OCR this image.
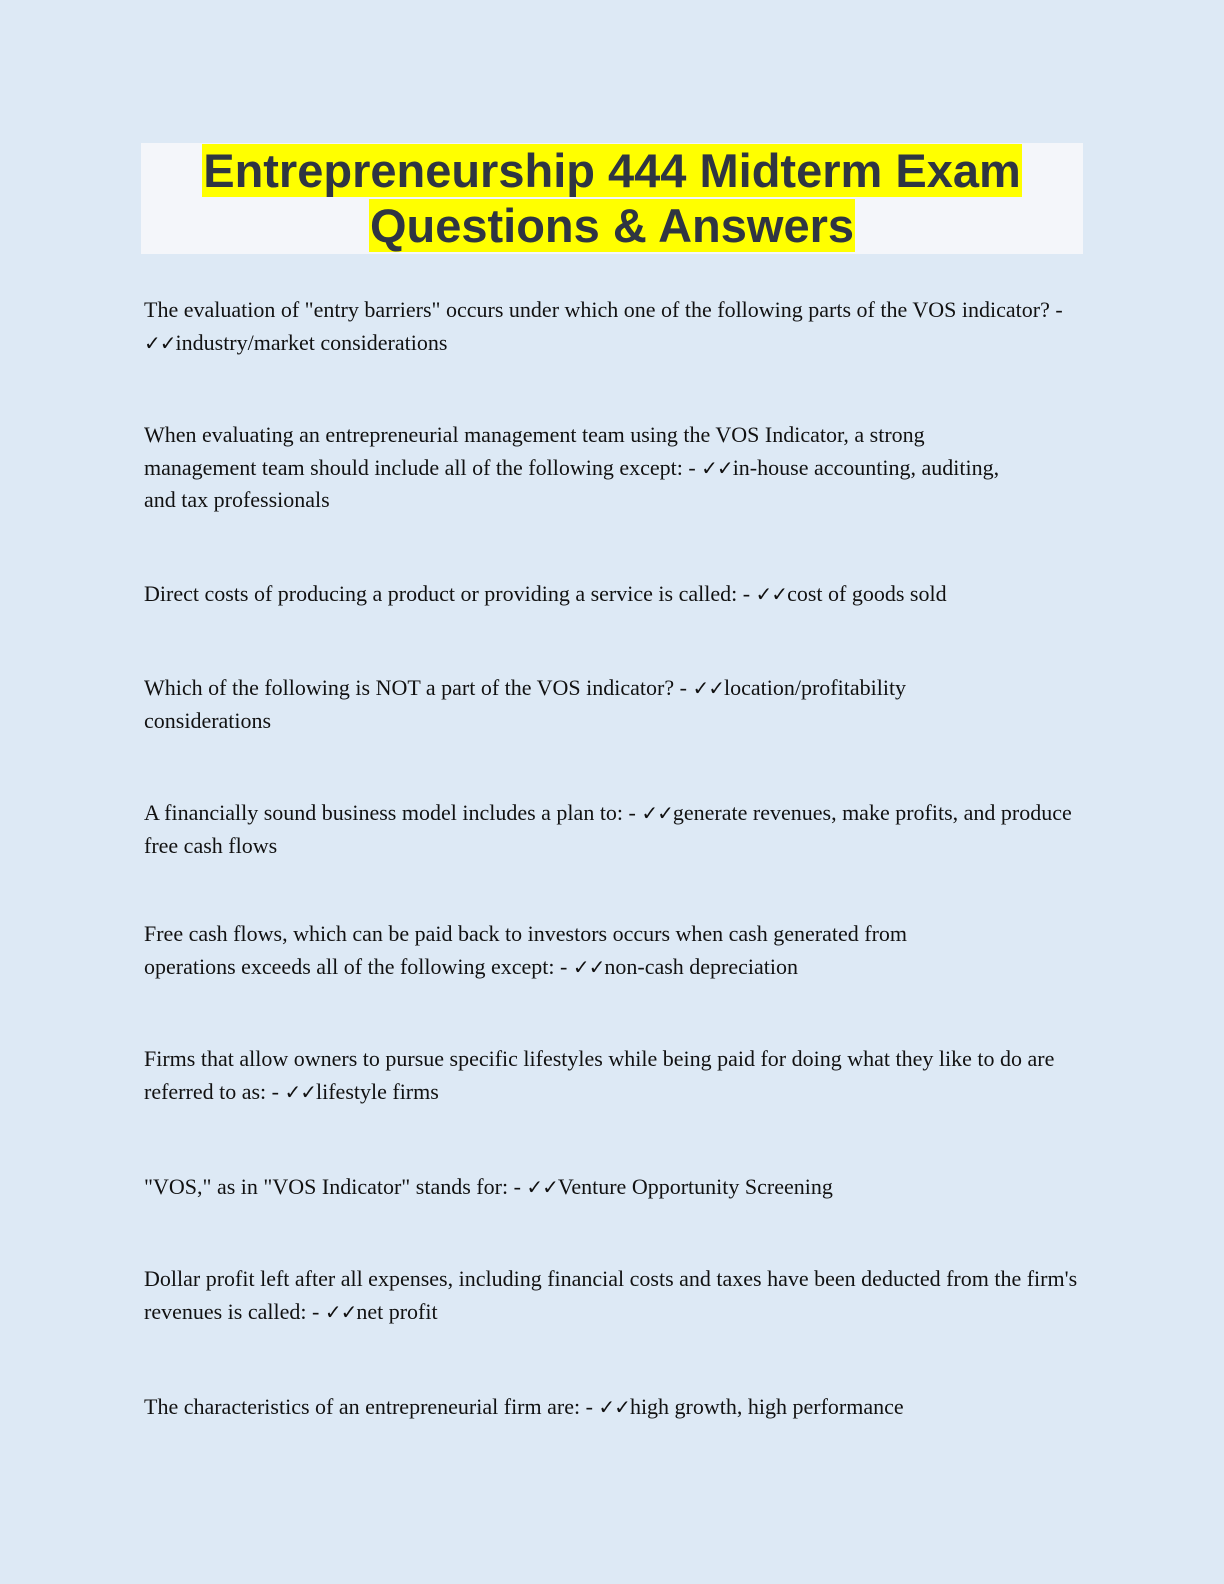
Entrepreneurship 444 Midterm Exam
Questions & Answers

The evaluation of "entry barriers" occurs under which one of the following parts of the VOS indicator? - ✓✓industry/market considerations

When evaluating an entrepreneurial management team using the VOS Indicator, a strong management team should include all of the following except: - ✓✓in-house accounting, auditing, and tax professionals

Direct costs of producing a product or providing a service is called: - ✓✓cost of goods sold

Which of the following is NOT a part of the VOS indicator? - ✓✓location/profitability considerations

A financially sound business model includes a plan to: - ✓✓generate revenues, make profits, and produce free cash flows

Free cash flows, which can be paid back to investors occurs when cash generated from operations exceeds all of the following except: - ✓✓non-cash depreciation

Firms that allow owners to pursue specific lifestyles while being paid for doing what they like to do are referred to as: - ✓✓lifestyle firms

"VOS," as in "VOS Indicator" stands for: - ✓✓Venture Opportunity Screening

Dollar profit left after all expenses, including financial costs and taxes have been deducted from the firm's revenues is called: - ✓✓net profit

The characteristics of an entrepreneurial firm are: - ✓✓high growth, high performance
